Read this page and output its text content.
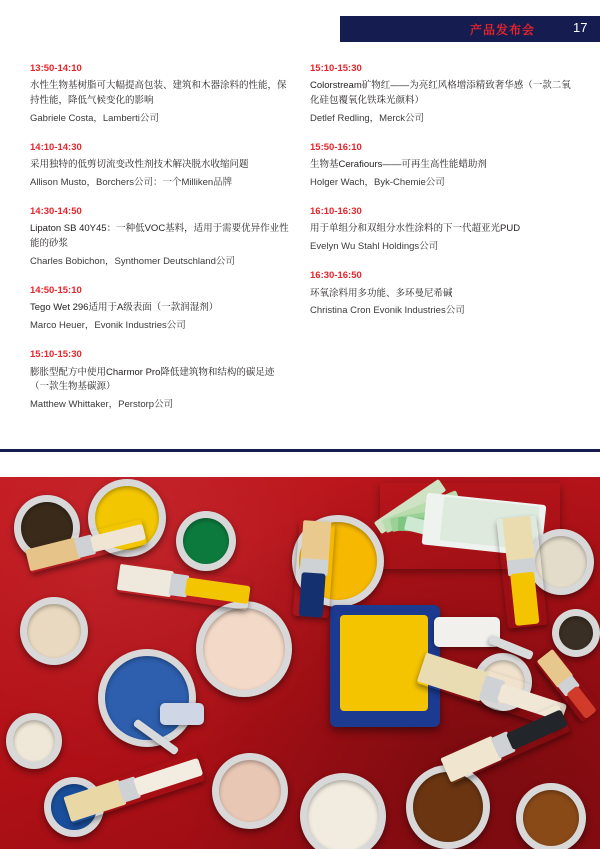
产品发布会	17
13:50-14:10
水性生物基树脂可大幅提高包装、建筑和木器涂料的性能，保持性能，降低气候变化的影响
Gabriele Costa，Lamberti公司
14:10-14:30
采用独特的低剪切流变改性剂技术解决脱水收缩问题
Allison Musto，Borchers公司：一个Milliken品牌
14:30-14:50
Lipaton SB 40Y45：一种低VOC基料，适用于需要优异作业性能的砂浆
Charles Bobichon，Synthomer Deutschland公司
14:50-15:10
Tego Wet 296适用于A级表面（一款润湿剂）
Marco Heuer，Evonik Industries公司
15:10-15:30
膨胀型配方中使用Charmor Pro降低建筑物和结构的碳足迹（一款生物基碳源）
Matthew Whittaker，Perstorp公司
15:10-15:30
Colorstream矿物红——为亮红风格增添精致奢华感（一款二氧化硅包覆氧化铁珠光颜料）
Detlef Redling，Merck公司
15:50-16:10
生物基Cerafiours——可再生高性能蜡助剂
Holger Wach，Byk-Chemie公司
16:10-16:30
用于单组分和双组分水性涂料的下一代超亚光PUD
Evelyn Wu Stahl Holdings公司
16:30-16:50
环氧涂料用多功能、多环曼尼希碱
Christina Cron Evonik Industries公司
